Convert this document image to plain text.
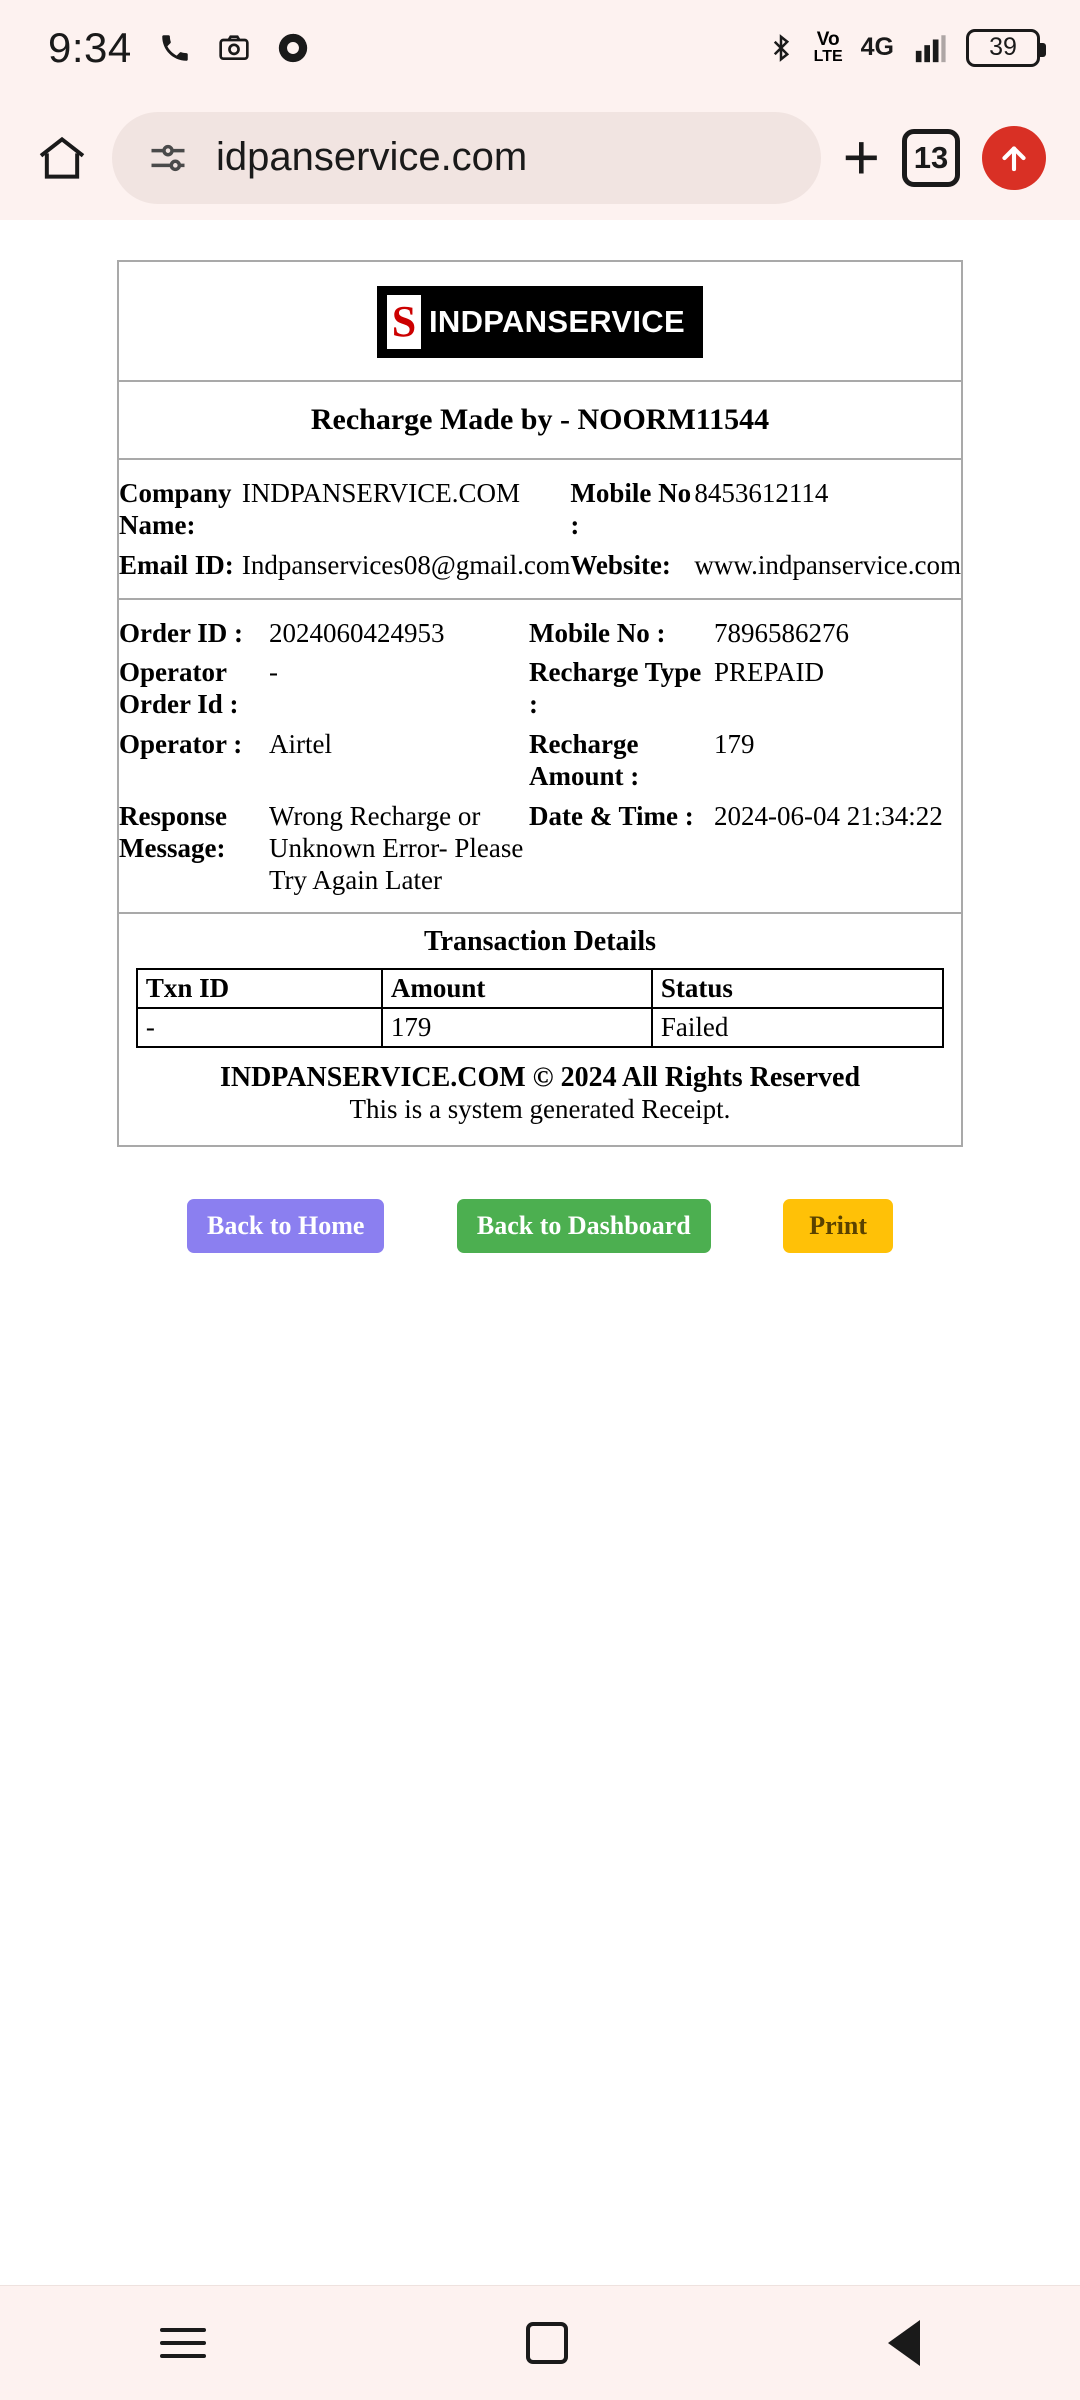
9:34	Vo
LTE 4G	39
idpanservice.com	+	13
S INDPANSERVICE
Recharge Made by - NOORM11544
Company Name:	INDPANSERVICE.COM	Mobile No :	8453612114
Email ID:	Indpanservices08@gmail.com	Website:	www.indpanservice.com
Order ID :	2024060424953	Mobile No :	7896586276
Operator Order Id :	-	Recharge Type :	PREPAID
Operator :	Airtel	Recharge Amount :	179
Response Message:	Wrong Recharge or Unknown Error- Please Try Again Later	Date & Time :	2024-06-04 21:34:22
Transaction Details
Txn ID	Amount	Status
-	179	Failed
INDPANSERVICE.COM © 2024 All Rights Reserved
This is a system generated Receipt.
Back to Home	Back to Dashboard	Print
